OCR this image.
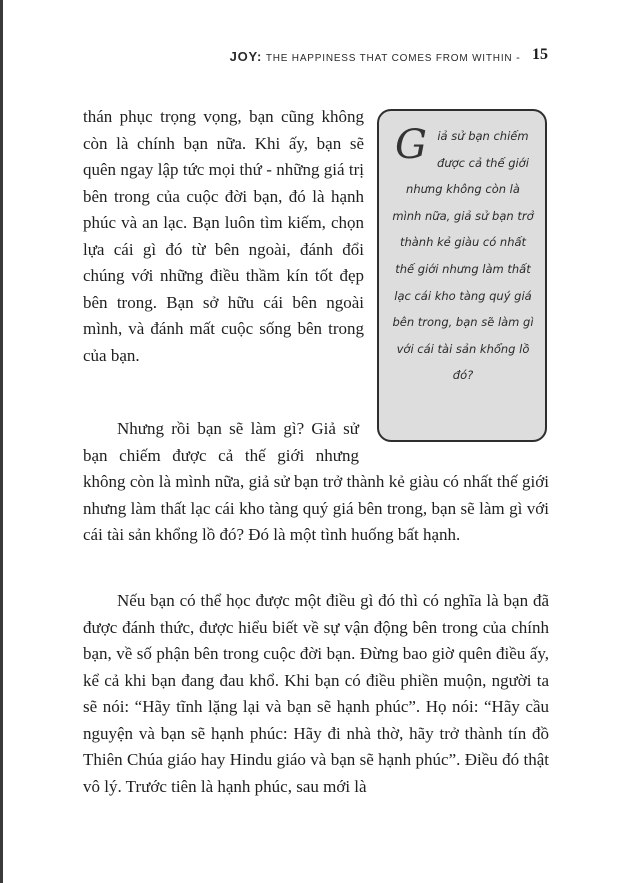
JOY: THE HAPPINESS THAT COMES FROM WITHIN - 15

thán phục trọng vọng, bạn cũng không còn là chính bạn nữa. Khi ấy, bạn sẽ quên ngay lập tức mọi thứ - những giá trị bên trong của cuộc đời bạn, đó là hạnh phúc và an lạc. Bạn luôn tìm kiếm, chọn lựa cái gì đó từ bên ngoài, đánh đổi chúng với những điều thầm kín tốt đẹp bên trong. Bạn sở hữu cái bên ngoài mình, và đánh mất cuộc sống bên trong của bạn.

G iả sử bạn chiếm được cả thế giới nhưng không còn là mình nữa, giả sử bạn trở thành kẻ giàu có nhất thế giới nhưng làm thất lạc cái kho tàng quý giá bên trong, bạn sẽ làm gì với cái tài sản khổng lồ đó?

Nhưng rồi bạn sẽ làm gì? Giả sử bạn chiếm được cả thế giới nhưng không còn là mình nữa, giả sử bạn trở thành kẻ giàu có nhất thế giới nhưng làm thất lạc cái kho tàng quý giá bên trong, bạn sẽ làm gì với cái tài sản khổng lồ đó? Đó là một tình huống bất hạnh.

Nếu bạn có thể học được một điều gì đó thì có nghĩa là bạn đã được đánh thức, được hiểu biết về sự vận động bên trong của chính bạn, về số phận bên trong cuộc đời bạn. Đừng bao giờ quên điều ấy, kể cả khi bạn đang đau khổ. Khi bạn có điều phiền muộn, người ta sẽ nói: “Hãy tĩnh lặng lại và bạn sẽ hạnh phúc”. Họ nói: “Hãy cầu nguyện và bạn sẽ hạnh phúc: Hãy đi nhà thờ, hãy trở thành tín đồ Thiên Chúa giáo hay Hindu giáo và bạn sẽ hạnh phúc”. Điều đó thật vô lý. Trước tiên là hạnh phúc, sau mới là
